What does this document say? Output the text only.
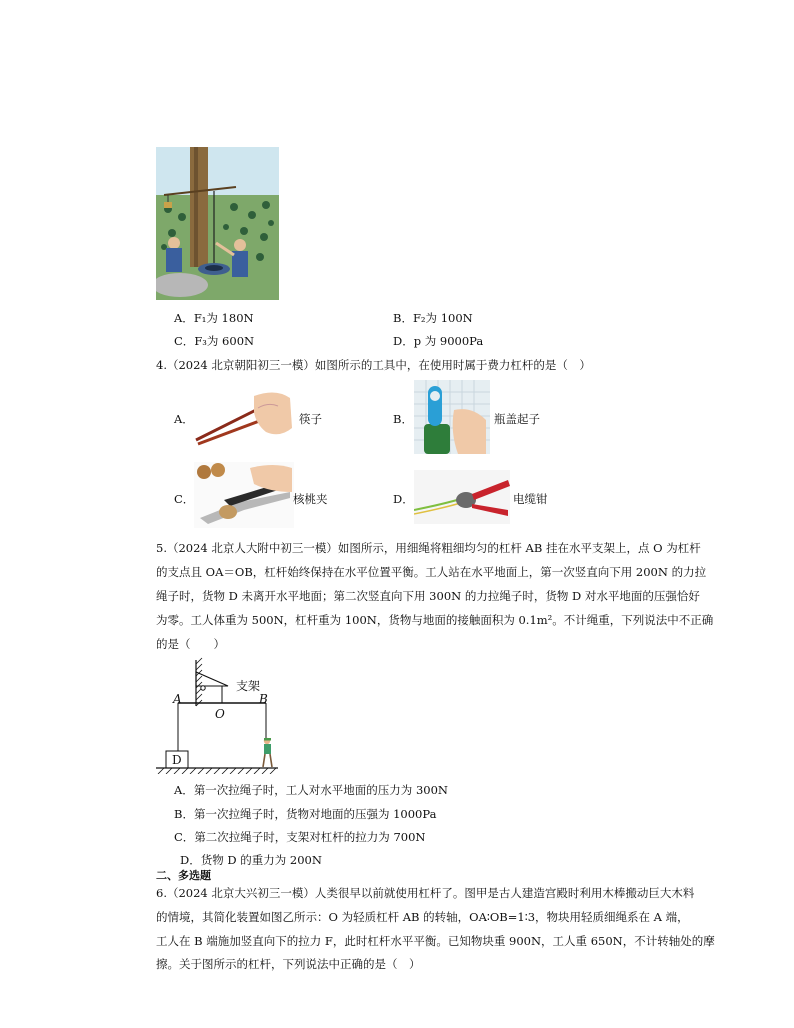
A．F₁为 180N	B．F₂为 100N
C．F₃为 600N	D．p 为 9000Pa
4.（2024 北京朝阳初三一模）如图所示的工具中，在使用时属于费力杠杆的是（　）
A．	筷子	B．	瓶盖起子
C．	核桃夹	D．	电缆钳
5.（2024 北京人大附中初三一模）如图所示，用细绳将粗细均匀的杠杆 AB 挂在水平支架上，点 O 为杠杆
的支点且 OA＝OB，杠杆始终保持在水平位置平衡。工人站在水平地面上，第一次竖直向下用 200N 的力拉
绳子时，货物 D 未离开水平地面；第二次竖直向下用 300N 的力拉绳子时，货物 D 对水平地面的压强恰好
为零。工人体重为 500N，杠杆重为 100N，货物与地面的接触面积为 0.1m²。不计绳重，下列说法中不正确
的是（　　）
支架
A
O
B
D
A．第一次拉绳子时，工人对水平地面的压力为 300N
B．第一次拉绳子时，货物对地面的压强为 1000Pa
C．第二次拉绳子时，支架对杠杆的拉力为 700N
D．货物 D 的重力为 200N
二、多选题
6.（2024 北京大兴初三一模）人类很早以前就使用杠杆了。图甲是古人建造宫殿时利用木棒搬动巨大木料
的情境，其简化装置如图乙所示：O 为轻质杠杆 AB 的转轴，OA∶OB=1∶3，物块用轻质细绳系在 A 端，
工人在 B 端施加竖直向下的拉力 F，此时杠杆水平平衡。已知物块重 900N，工人重 650N，不计转轴处的摩
擦。关于图所示的杠杆，下列说法中正确的是（　）
